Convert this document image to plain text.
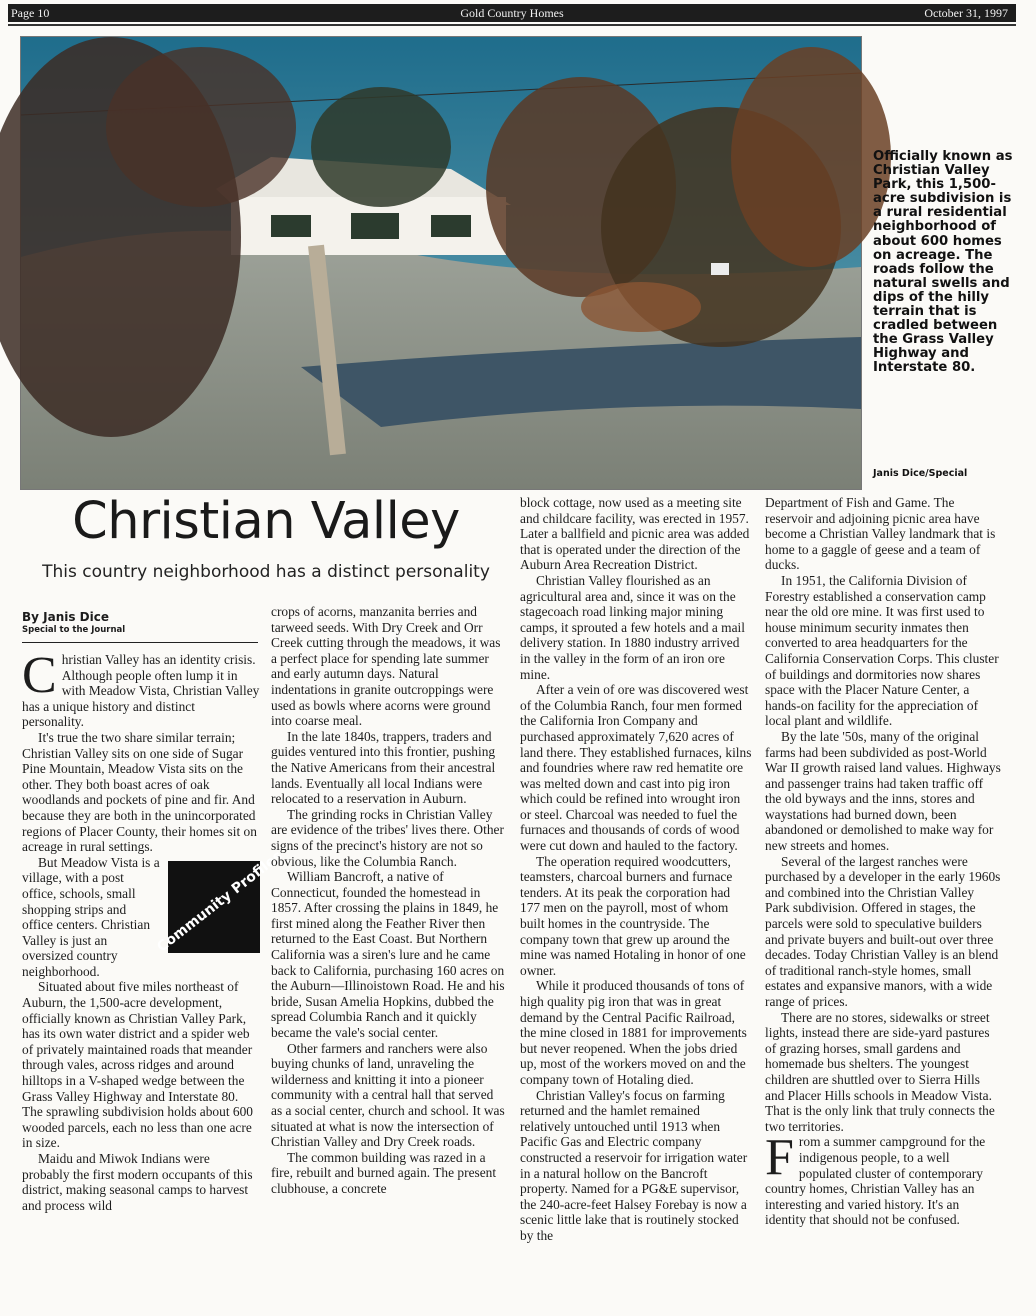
Page 10	Gold Country Homes	October 31, 1997
Officially known as Christian Valley Park, this 1,500-acre subdivision is a rural residential neighborhood of about 600 homes on acreage. The roads follow the natural swells and dips of the hilly terrain that is cradled between the Grass Valley Highway and Interstate 80.
Janis Dice/Special
Christian Valley
This country neighborhood has a distinct personality
By Janis Dice
Special to the Journal

Christian Valley has an identity crisis. Although people often lump it in with Meadow Vista, Christian Valley has a unique history and distinct personality.

It's true the two share similar terrain; Christian Valley sits on one side of Sugar Pine Mountain, Meadow Vista sits on the other. They both boast acres of oak woodlands and pockets of pine and fir. And because they are both in the unincorporated regions of Placer County, their homes sit on acreage in rural settings.

Community Profiles
But Meadow Vista is a village, with a post office, schools, small shopping strips and office centers. Christian Valley is just an oversized country neighborhood.

Situated about five miles northeast of Auburn, the 1,500-acre development, officially known as Christian Valley Park, has its own water district and a spider web of privately maintained roads that meander through vales, across ridges and around hilltops in a V-shaped wedge between the Grass Valley Highway and Interstate 80. The sprawling subdivision holds about 600 wooded parcels, each no less than one acre in size.

Maidu and Miwok Indians were probably the first modern occupants of this district, making seasonal camps to harvest and process wild

crops of acorns, manzanita berries and tarweed seeds. With Dry Creek and Orr Creek cutting through the meadows, it was a perfect place for spending late summer and early autumn days. Natural indentations in granite outcroppings were used as bowls where acorns were ground into coarse meal.

In the late 1840s, trappers, traders and guides ventured into this frontier, pushing the Native Americans from their ancestral lands. Eventually all local Indians were relocated to a reservation in Auburn.

The grinding rocks in Christian Valley are evidence of the tribes' lives there. Other signs of the precinct's history are not so obvious, like the Columbia Ranch.

William Bancroft, a native of Connecticut, founded the homestead in 1857. After crossing the plains in 1849, he first mined along the Feather River then returned to the East Coast. But Northern California was a siren's lure and he came back to California, purchasing 160 acres on the Auburn—Illinoistown Road. He and his bride, Susan Amelia Hopkins, dubbed the spread Columbia Ranch and it quickly became the vale's social center.

Other farmers and ranchers were also buying chunks of land, unraveling the wilderness and knitting it into a pioneer community with a central hall that served as a social center, church and school. It was situated at what is now the intersection of Christian Valley and Dry Creek roads.

The common building was razed in a fire, rebuilt and burned again. The present clubhouse, a concrete

block cottage, now used as a meeting site and childcare facility, was erected in 1957. Later a ballfield and picnic area was added that is operated under the direction of the Auburn Area Recreation District.

Christian Valley flourished as an agricultural area and, since it was on the stagecoach road linking major mining camps, it sprouted a few hotels and a mail delivery station. In 1880 industry arrived in the valley in the form of an iron ore mine.

After a vein of ore was discovered west of the Columbia Ranch, four men formed the California Iron Company and purchased approximately 7,620 acres of land there. They established furnaces, kilns and foundries where raw red hematite ore was melted down and cast into pig iron which could be refined into wrought iron or steel. Charcoal was needed to fuel the furnaces and thousands of cords of wood were cut down and hauled to the factory.

The operation required woodcutters, teamsters, charcoal burners and furnace tenders. At its peak the corporation had 177 men on the payroll, most of whom built homes in the countryside. The company town that grew up around the mine was named Hotaling in honor of one owner.

While it produced thousands of tons of high quality pig iron that was in great demand by the Central Pacific Railroad, the mine closed in 1881 for improvements but never reopened. When the jobs dried up, most of the workers moved on and the company town of Hotaling died.

Christian Valley's focus on farming returned and the hamlet remained relatively untouched until 1913 when Pacific Gas and Electric company constructed a reservoir for irrigation water in a natural hollow on the Bancroft property. Named for a PG&E supervisor, the 240-acre-feet Halsey Forebay is now a scenic little lake that is routinely stocked by the

Department of Fish and Game. The reservoir and adjoining picnic area have become a Christian Valley landmark that is home to a gaggle of geese and a team of ducks.

In 1951, the California Division of Forestry established a conservation camp near the old ore mine. It was first used to house minimum security inmates then converted to area headquarters for the California Conservation Corps. This cluster of buildings and dormitories now shares space with the Placer Nature Center, a hands-on facility for the appreciation of local plant and wildlife.

By the late '50s, many of the original farms had been subdivided as post-World War II growth raised land values. Highways and passenger trains had taken traffic off the old byways and the inns, stores and waystations had burned down, been abandoned or demolished to make way for new streets and homes.

Several of the largest ranches were purchased by a developer in the early 1960s and combined into the Christian Valley Park subdivision. Offered in stages, the parcels were sold to speculative builders and private buyers and built-out over three decades. Today Christian Valley is an blend of traditional ranch-style homes, small estates and expansive manors, with a wide range of prices.

There are no stores, sidewalks or street lights, instead there are side-yard pastures of grazing horses, small gardens and homemade bus shelters. The youngest children are shuttled over to Sierra Hills and Placer Hills schools in Meadow Vista. That is the only link that truly connects the two territories.

From a summer campground for the indigenous people, to a well populated cluster of contemporary country homes, Christian Valley has an interesting and varied history. It's an identity that should not be confused.
